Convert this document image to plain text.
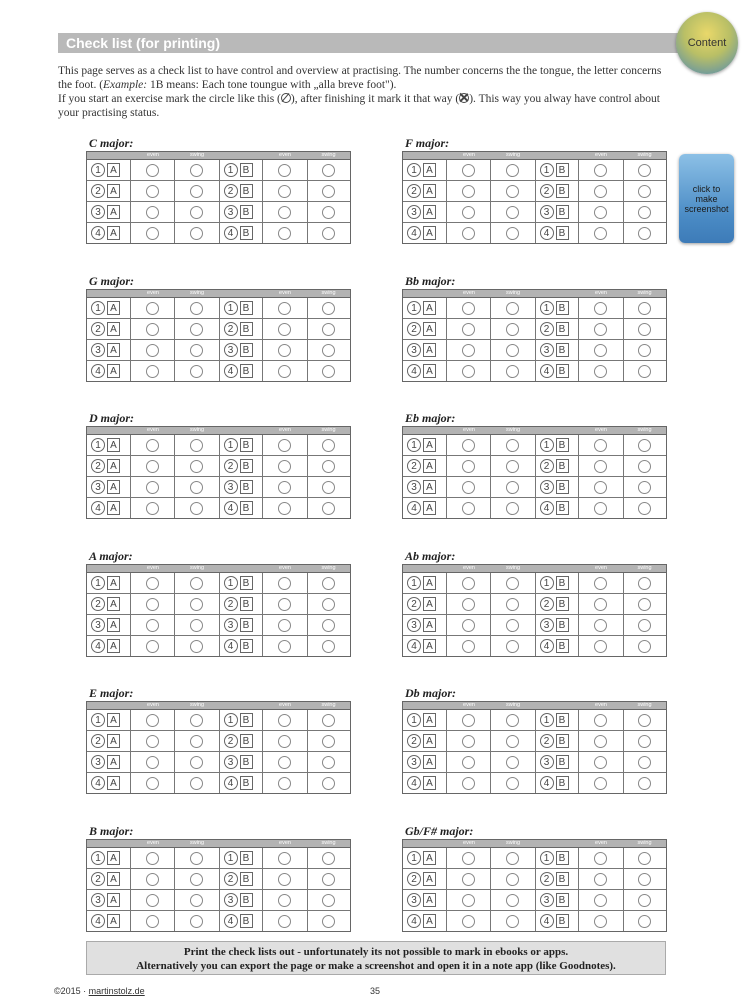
Check list (for printing)	Content
click to
make
screenshot

This page serves as a check list to have control and overview at practising. The number concerns the the tongue, the letter concerns the foot. (Example: 1B means: Each tone toungue with „alla breve foot").

If you start an exercise mark the circle like this ( ), after finishing it mark it that way ( ). This way you alway have control about your practising status.

C major:
even	swing	even	swing
1 A	1 B
2 A	2 B
3 A	3 B
4 A	4 B
F major:
even	swing	even	swing
1 A	1 B
2 A	2 B
3 A	3 B
4 A	4 B
G major:
even	swing	even	swing
1 A	1 B
2 A	2 B
3 A	3 B
4 A	4 B
Bb major:
even	swing	even	swing
1 A	1 B
2 A	2 B
3 A	3 B
4 A	4 B
D major:
even	swing	even	swing
1 A	1 B
2 A	2 B
3 A	3 B
4 A	4 B
Eb major:
even	swing	even	swing
1 A	1 B
2 A	2 B
3 A	3 B
4 A	4 B
A major:
even	swing	even	swing
1 A	1 B
2 A	2 B
3 A	3 B
4 A	4 B
Ab major:
even	swing	even	swing
1 A	1 B
2 A	2 B
3 A	3 B
4 A	4 B
E major:
even	swing	even	swing
1 A	1 B
2 A	2 B
3 A	3 B
4 A	4 B
Db major:
even	swing	even	swing
1 A	1 B
2 A	2 B
3 A	3 B
4 A	4 B
B major:
even	swing	even	swing
1 A	1 B
2 A	2 B
3 A	3 B
4 A	4 B
Gb/F# major:
even	swing	even	swing
1 A	1 B
2 A	2 B
3 A	3 B
4 A	4 B
Print the check lists out - unfortunately its not possible to mark in ebooks or apps.
Alternatively you can export the page or make a screenshot and open it in a note app (like Goodnotes).
©2015 · martinstolz.de	35
